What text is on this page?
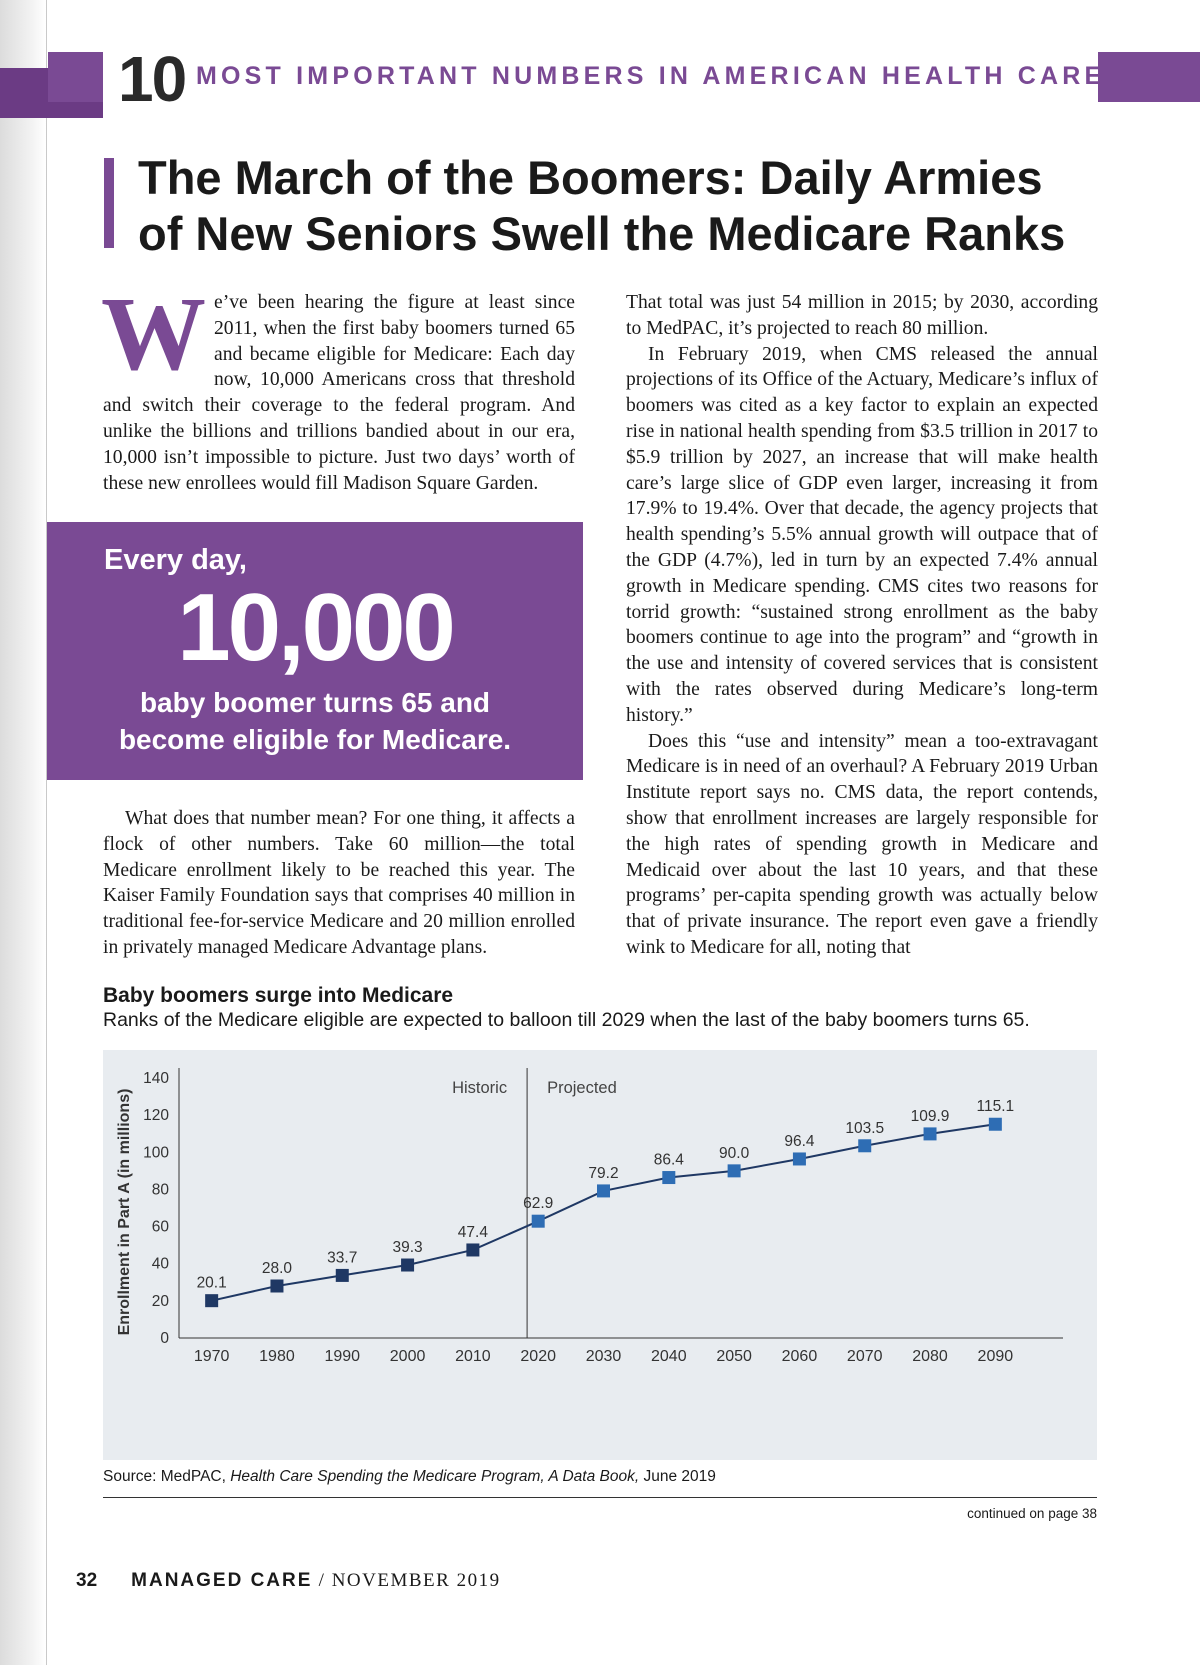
10 MOST IMPORTANT NUMBERS IN AMERICAN HEALTH CARE...
The March of the Boomers: Daily Armies
of New Seniors Swell the Medicare Ranks

We’ve been hearing the figure at least since 2011, when the first baby boomers turned 65 and became eligible for Medicare: Each day now, 10,000 Americans cross that threshold and switch their coverage to the federal program. And unlike the billions and trillions bandied about in our era, 10,000 isn’t impossible to picture. Just two days’ worth of these new enrollees would fill Madison Square Garden.

Every day,
10,000
baby boomer turns 65 and
become eligible for Medicare.

What does that number mean? For one thing, it affects a flock of other numbers. Take 60 million—the total Medicare enrollment likely to be reached this year. The Kaiser Family Foundation says that comprises 40 million in traditional fee-for-service Medicare and 20 million enrolled in privately managed Medicare Advantage plans.

That total was just 54 million in 2015; by 2030, according to MedPAC, it’s projected to reach 80 million.

In February 2019, when CMS released the annual projections of its Office of the Actuary, Medicare’s influx of boomers was cited as a key factor to explain an expected rise in national health spending from $3.5 trillion in 2017 to $5.9 trillion by 2027, an increase that will make health care’s large slice of GDP even larger, increasing it from 17.9% to 19.4%. Over that decade, the agency projects that health spending’s 5.5% annual growth will outpace that of the GDP (4.7%), led in turn by an expected 7.4% annual growth in Medicare spending. CMS cites two reasons for torrid growth: “sustained strong enrollment as the baby boomers continue to age into the program” and “growth in the use and intensity of covered services that is consistent with the rates observed during Medicare’s long-term history.”

Does this “use and intensity” mean a too-extravagant Medicare is in need of an overhaul? A February 2019 Urban Institute report says no. CMS data, the report contends, show that enrollment increases are largely responsible for the high rates of spending growth in Medicare and Medicaid over about the last 10 years, and that these programs’ per-capita spending growth was actually below that of private insurance. The report even gave a friendly wink to Medicare for all, noting that

Baby boomers surge into Medicare
Ranks of the Medicare eligible are expected to balloon till 2029 when the last of the baby boomers turns 65.
0
20
40
60
80
100
120
140
1970 1980 1990 2000 2010 2020 2030 2040 2050 2060 2070 2080 2090
Enrollment in Part A (in millions)
Historic Projected
20.1
28.0
33.7
39.3
47.4
62.9
79.2
86.4 90.0
96.4
103.5
109.9
115.1
Source: MedPAC, Health Care Spending the Medicare Program, A Data Book, June 2019
continued on page 38
32 MANAGED CARE / NOVEMBER 2019
